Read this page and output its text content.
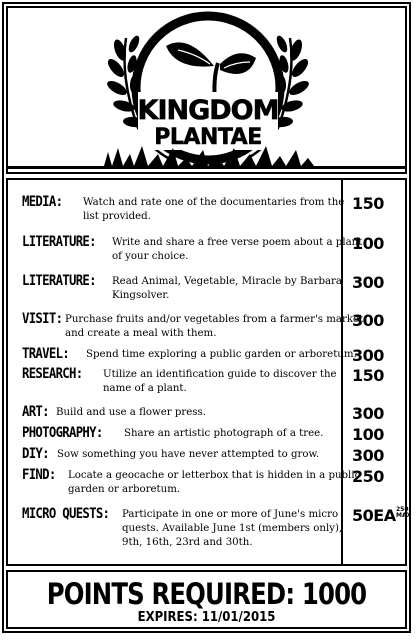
KINGDOM
PLANTAE
MEDIA: Watch and rate one of the documentaries from the
list provided.
150
LITERATURE: Write and share a free verse poem about a plant
of your choice.
100
LITERATURE: Read Animal, Vegetable, Miracle by Barbara
Kingsolver.
300
VISIT: Purchase fruits and/or vegetables from a farmer's market
and create a meal with them.
300
TRAVEL: Spend time exploring a public garden or arboretum.
300
RESEARCH: Utilize an identification guide to discover the
name of a plant.
150
ART: Build and use a flower press.	300
PHOTOGRAPHY: Share an artistic photograph of a tree. 100
DIY: Sow something you have never attempted to grow. 300
FIND: Locate a geocache or letterbox that is hidden in a public
garden or arboretum.
250
MICRO QUESTS: Participate in one or more of June's micro
quests. Available June 1st (members only),
9th, 16th, 23rd and 30th.
50EA 250
MAX
POINTS REQUIRED: 1000
EXPIRES: 11/01/2015
